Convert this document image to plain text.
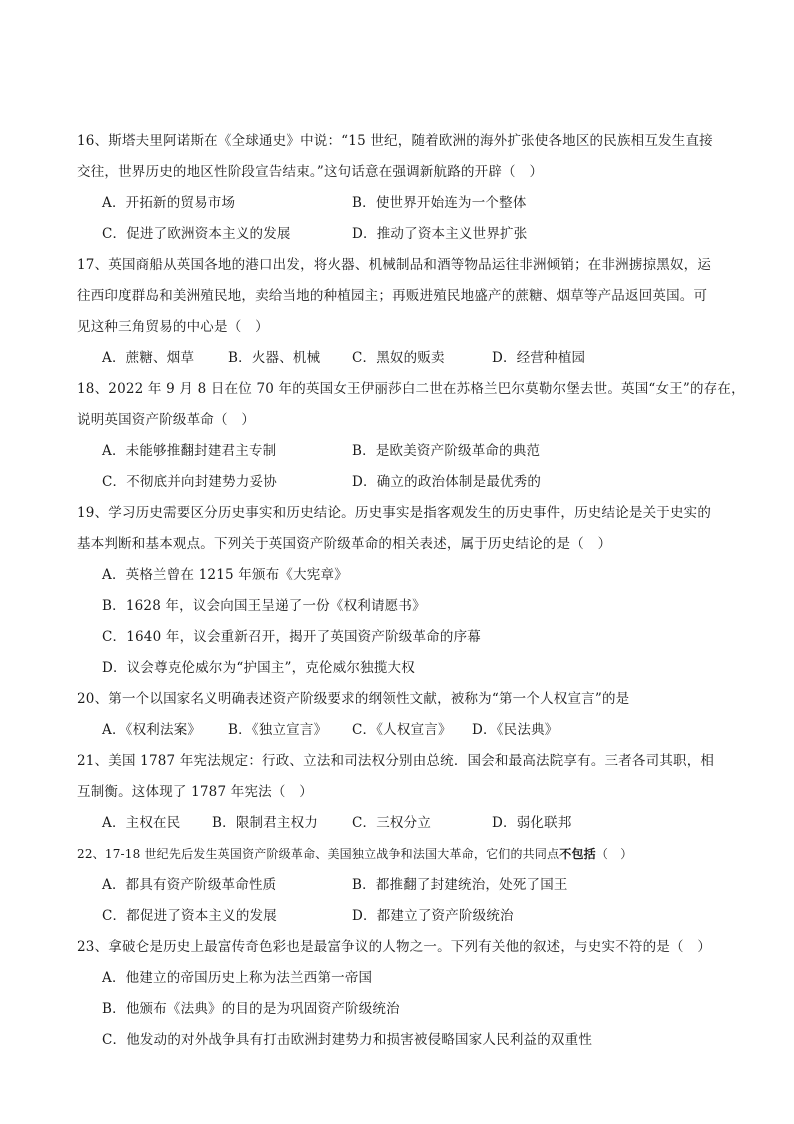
16、斯塔夫里阿诺斯在《全球通史》中说：“15 世纪，随着欧洲的海外扩张使各地区的民族相互发生直接
交往，世界历史的地区性阶段宣告结束。”这句话意在强调新航路的开辟（　）
A．开拓新的贸易市场	B．使世界开始连为一个整体
C．促进了欧洲资本主义的发展	D．推动了资本主义世界扩张
17、英国商船从英国各地的港口出发，将火器、机械制品和酒等物品运往非洲倾销；在非洲掳掠黑奴，运
往西印度群岛和美洲殖民地，卖给当地的种植园主；再贩进殖民地盛产的蔗糖、烟草等产品返回英国。可
见这种三角贸易的中心是（　）
A．蔗糖、烟草	B．火器、机械 C．黑奴的贩卖	D．经营种植园
18、2022 年 9 月 8 日在位 70 年的英国女王伊丽莎白二世在苏格兰巴尔莫勒尔堡去世。英国“女王”的存在，
说明英国资产阶级革命（　）
A．未能够推翻封建君主专制	B．是欧美资产阶级革命的典范
C．不彻底并向封建势力妥协	D．确立的政治体制是最优秀的
19、学习历史需要区分历史事实和历史结论。历史事实是指客观发生的历史事件，历史结论是关于史实的
基本判断和基本观点。下列关于英国资产阶级革命的相关表述，属于历史结论的是（　）
A．英格兰曾在 1215 年颁布《大宪章》
B．1628 年，议会向国王呈递了一份《权利请愿书》
C．1640 年，议会重新召开，揭开了英国资产阶级革命的序幕
D．议会尊克伦威尔为“护国主”，克伦威尔独揽大权
20、第一个以国家名义明确表述资产阶级要求的纲领性文献，被称为“第一个人权宣言”的是
A．《权利法案》 B．《独立宣言》 C．《人权宣言》 D．《民法典》
21、美国 1787 年宪法规定：行政、立法和司法权分别由总统．国会和最高法院享有。三者各司其职，相
互制衡。这体现了 1787 年宪法（　）
A．主权在民 B．限制君主权力	C．三权分立	D．弱化联邦
22、17-18 世纪先后发生英国资产阶级革命、美国独立战争和法国大革命，它们的共同点不包括（　）
A．都具有资产阶级革命性质	B．都推翻了封建统治，处死了国王
C．都促进了资本主义的发展	D．都建立了资产阶级统治
23、拿破仑是历史上最富传奇色彩也是最富争议的人物之一。下列有关他的叙述，与史实不符的是（　）
A．他建立的帝国历史上称为法兰西第一帝国
B．他颁布《法典》的目的是为巩固资产阶级统治
C．他发动的对外战争具有打击欧洲封建势力和损害被侵略国家人民利益的双重性
